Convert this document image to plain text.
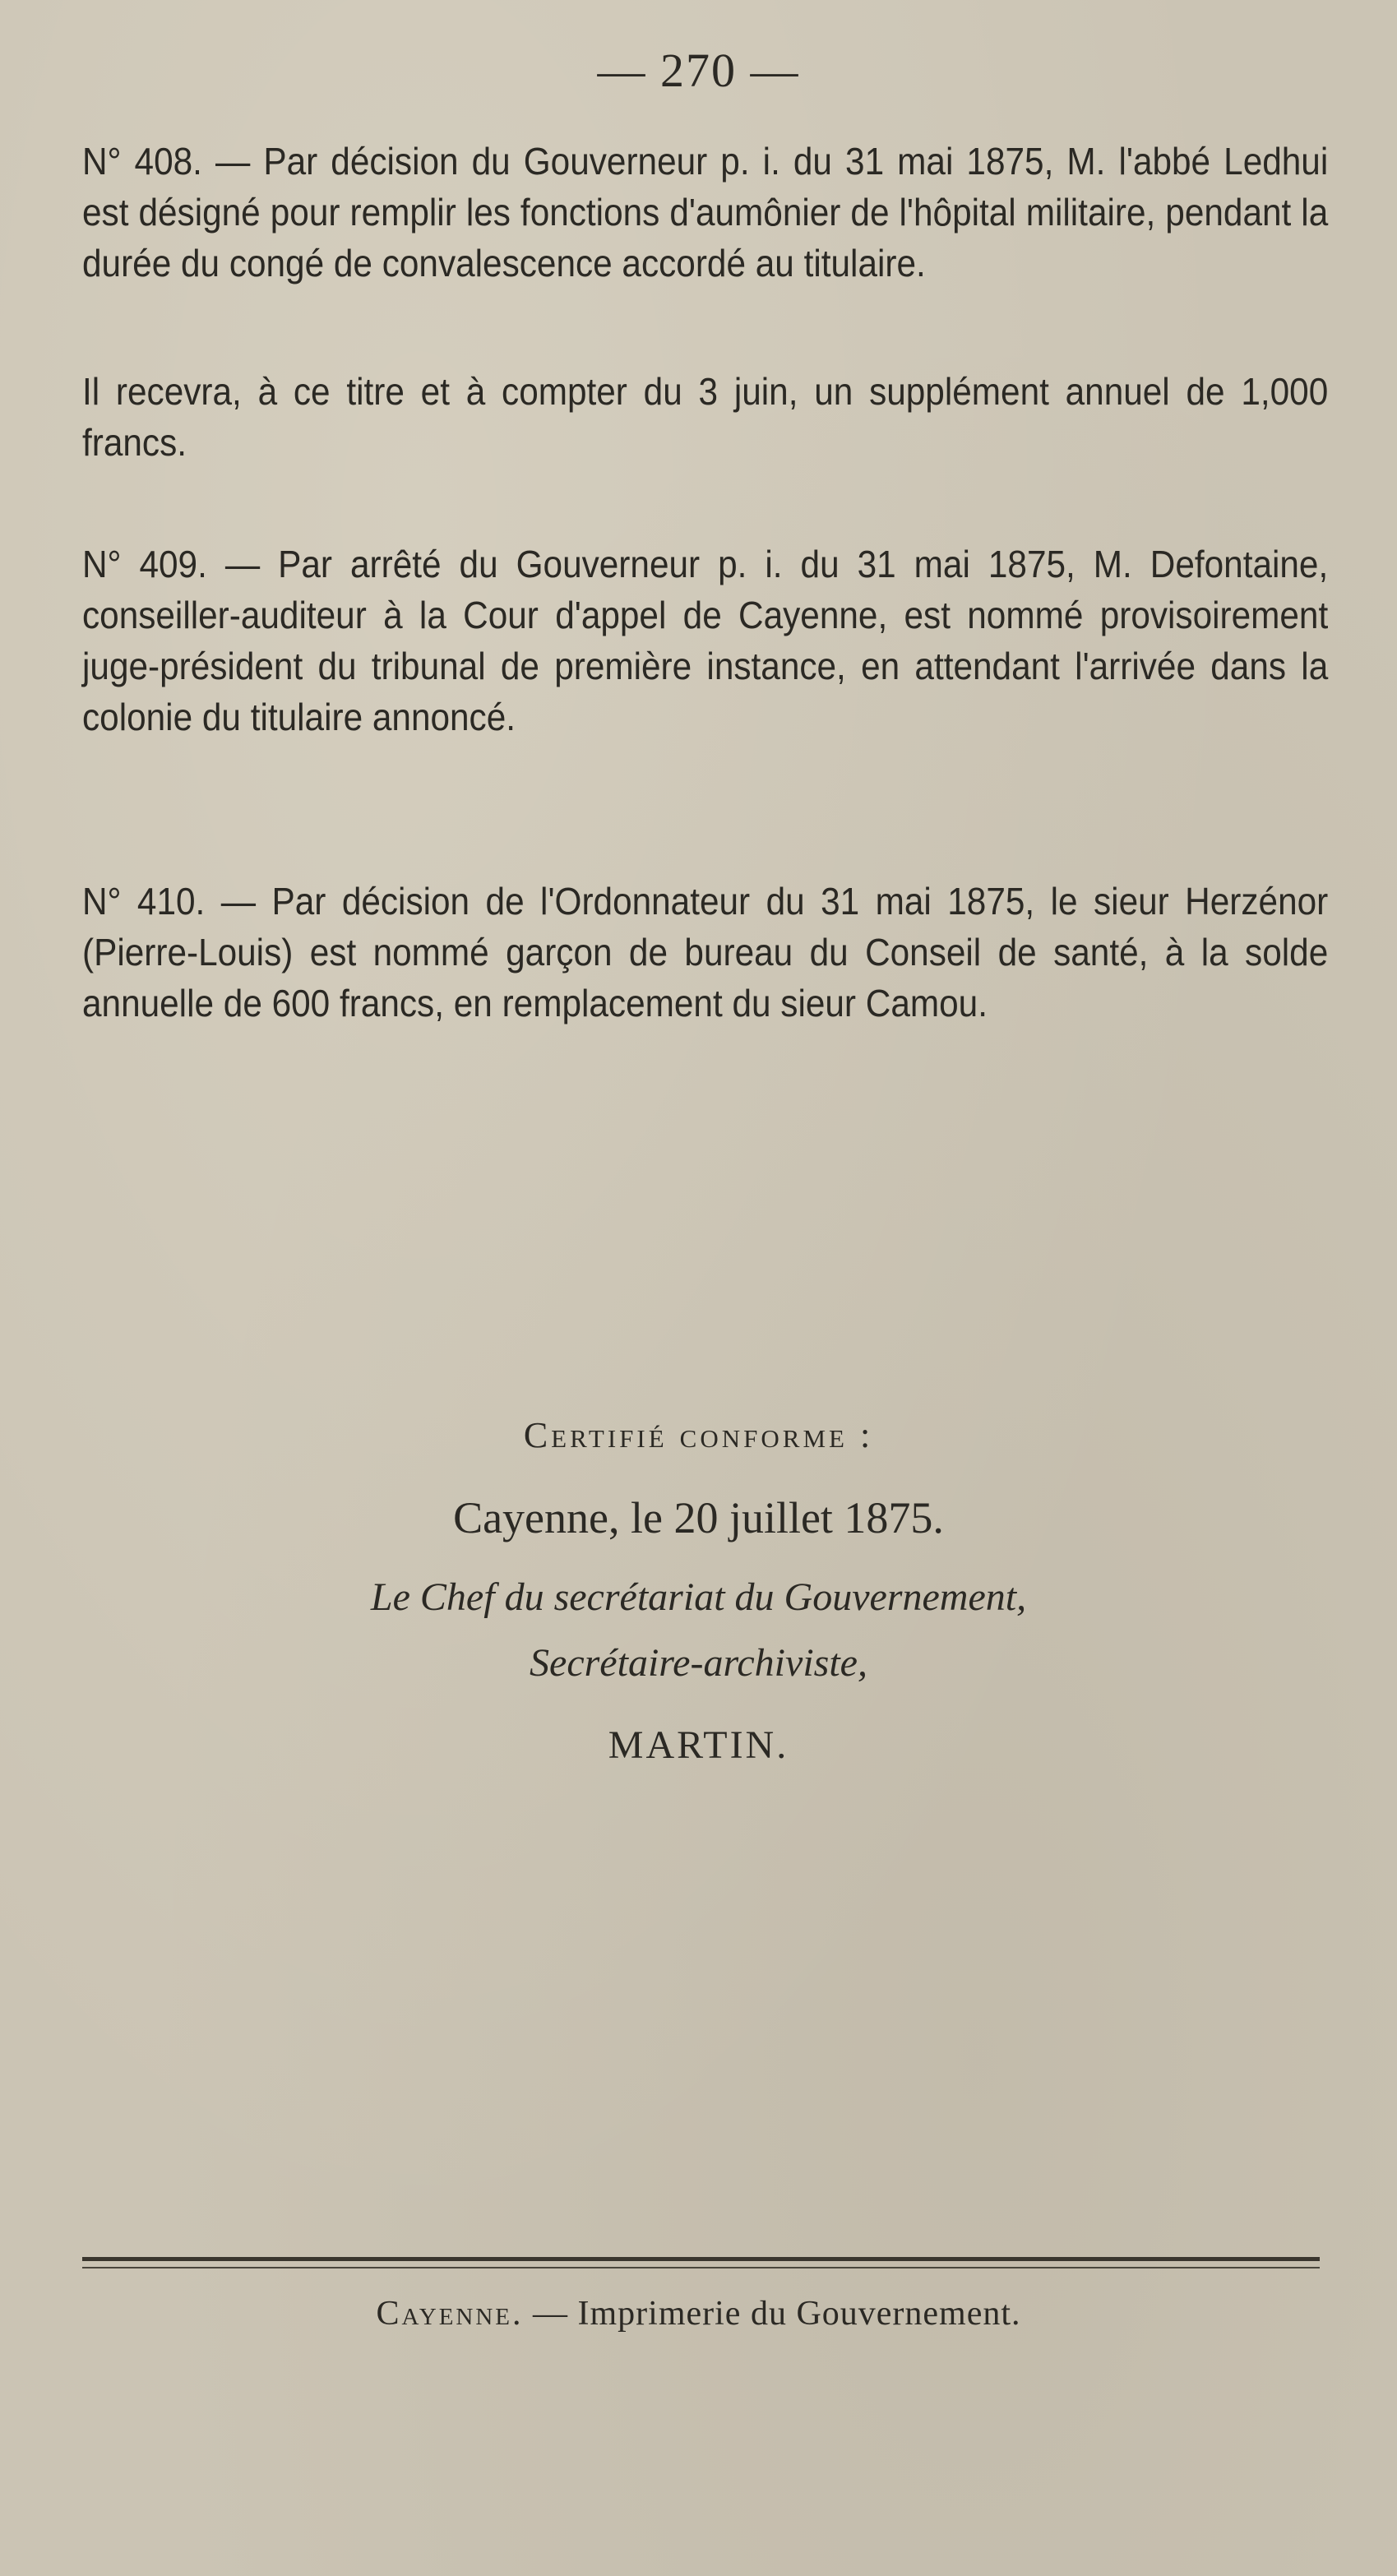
— 270 —

N° 408. — Par décision du Gouverneur p. i. du 31 mai 1875, M. l'abbé Ledhui est désigné pour remplir les fonctions d'aumônier de l'hôpital militaire, pendant la durée du congé de convalescence accordé au titulaire.

Il recevra, à ce titre et à compter du 3 juin, un supplément annuel de 1,000 francs.

N° 409. — Par arrêté du Gouverneur p. i. du 31 mai 1875, M. Defontaine, conseiller-auditeur à la Cour d'appel de Cayenne, est nommé provisoirement juge-président du tribunal de première instance, en attendant l'arrivée dans la colonie du titulaire annoncé.

N° 410. — Par décision de l'Ordonnateur du 31 mai 1875, le sieur Herzénor (Pierre-Louis) est nommé garçon de bureau du Conseil de santé, à la solde annuelle de 600 francs, en remplacement du sieur Camou.

Certifié conforme :
Cayenne, le 20 juillet 1875.
Le Chef du secrétariat du Gouvernement,
Secrétaire-archiviste,
MARTIN.
Cayenne. — Imprimerie du Gouvernement.
